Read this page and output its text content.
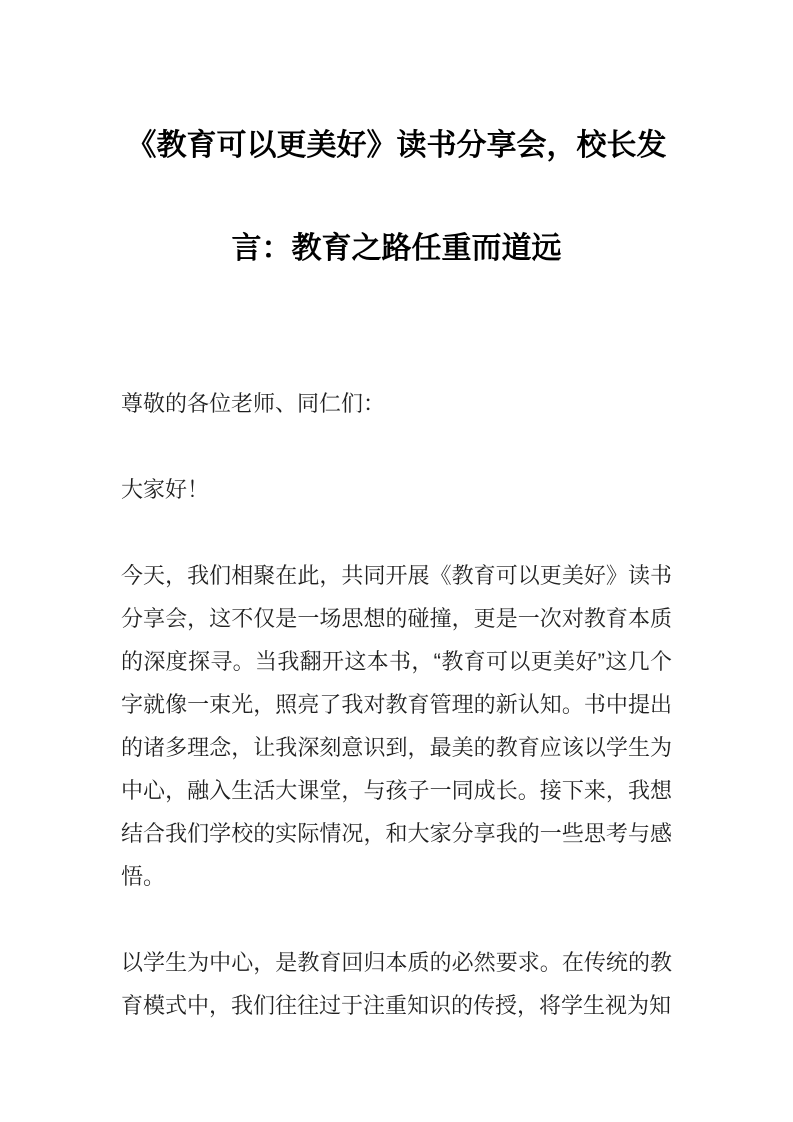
《教育可以更美好》读书分享会，校长发言：教育之路任重而道远

尊敬的各位老师、同仁们：

大家好！

今天，我们相聚在此，共同开展《教育可以更美好》读书分享会，这不仅是一场思想的碰撞，更是一次对教育本质的深度探寻。当我翻开这本书，“教育可以更美好”这几个字就像一束光，照亮了我对教育管理的新认知。书中提出的诸多理念，让我深刻意识到，最美的教育应该以学生为中心，融入生活大课堂，与孩子一同成长。接下来，我想结合我们学校的实际情况，和大家分享我的一些思考与感悟。

以学生为中心，是教育回归本质的必然要求。在传统的教育模式中，我们往往过于注重知识的传授，将学生视为知
